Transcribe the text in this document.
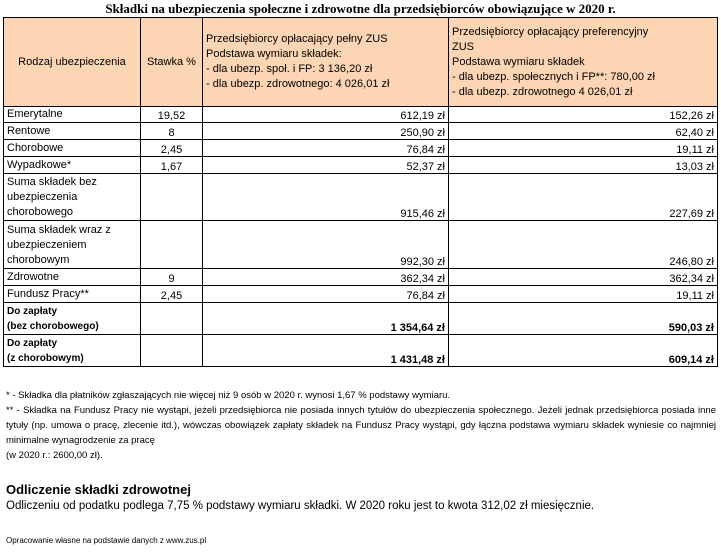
Składki na ubezpieczenia społeczne i zdrowotne dla przedsiębiorców obowiązujące w 2020 r.
Rodzaj ubezpieczenia	Stawka %	Przedsiębiorcy opłacający pełny ZUS
Podstawa wymiaru składek:
- dla ubezp. społ. i FP: 3 136,20 zł
- dla ubezp. zdrowotnego: 4 026,01 zł	Przedsiębiorcy opłacający preferencyjny
ZUS
Podstawa wymiaru składek
- dla ubezp. społecznych i FP**: 780,00 zł
- dla ubezp. zdrowotnego 4 026,01 zł

Emerytalne	19,52	612,19 zł	152,26 zł

Rentowe	8	250,90 zł	62,40 zł

Chorobowe	2,45	76,84 zł	19,11 zł

Wypadkowe*	1,67	52,37 zł	13,03 zł

Suma składek bez
ubezpieczenia
chorobowego		915,46 zł	227,69 zł

Suma składek wraz z
ubezpieczeniem
chorobowym		992,30 zł	246,80 zł

Zdrowotne	9	362,34 zł	362,34 zł

Fundusz Pracy**	2,45	76,84 zł	19,11 zł

Do zapłaty
(bez chorobowego)		1 354,64 zł	590,03 zł

Do zapłaty
(z chorobowym)		1 431,48 zł	609,14 zł

* - Składka dla płatników zgłaszających nie więcej niż 9 osób w 2020 r. wynosi 1,67 % podstawy wymiaru.

** - Składka na Fundusz Pracy nie wystąpi, jeżeli przedsiębiorca nie posiada innych tytułów do ubezpieczenia społecznego. Jeżeli jednak przedsiębiorca posiada inne tytuły (np. umowa o pracę, zlecenie itd.), wówczas obowiązek zapłaty składek na Fundusz Pracy wystąpi, gdy łączna podstawa wymiaru składek wyniesie co najmniej minimalne wynagrodzenie za pracę

(w 2020 r.: 2600,00 zł).

Odliczenie składki zdrowotnej

Odliczeniu od podatku podlega 7,75 % podstawy wymiaru składki. W 2020 roku jest to kwota 312,02 zł miesięcznie.

Opracowanie własne na podstawie danych z www.zus.pl
